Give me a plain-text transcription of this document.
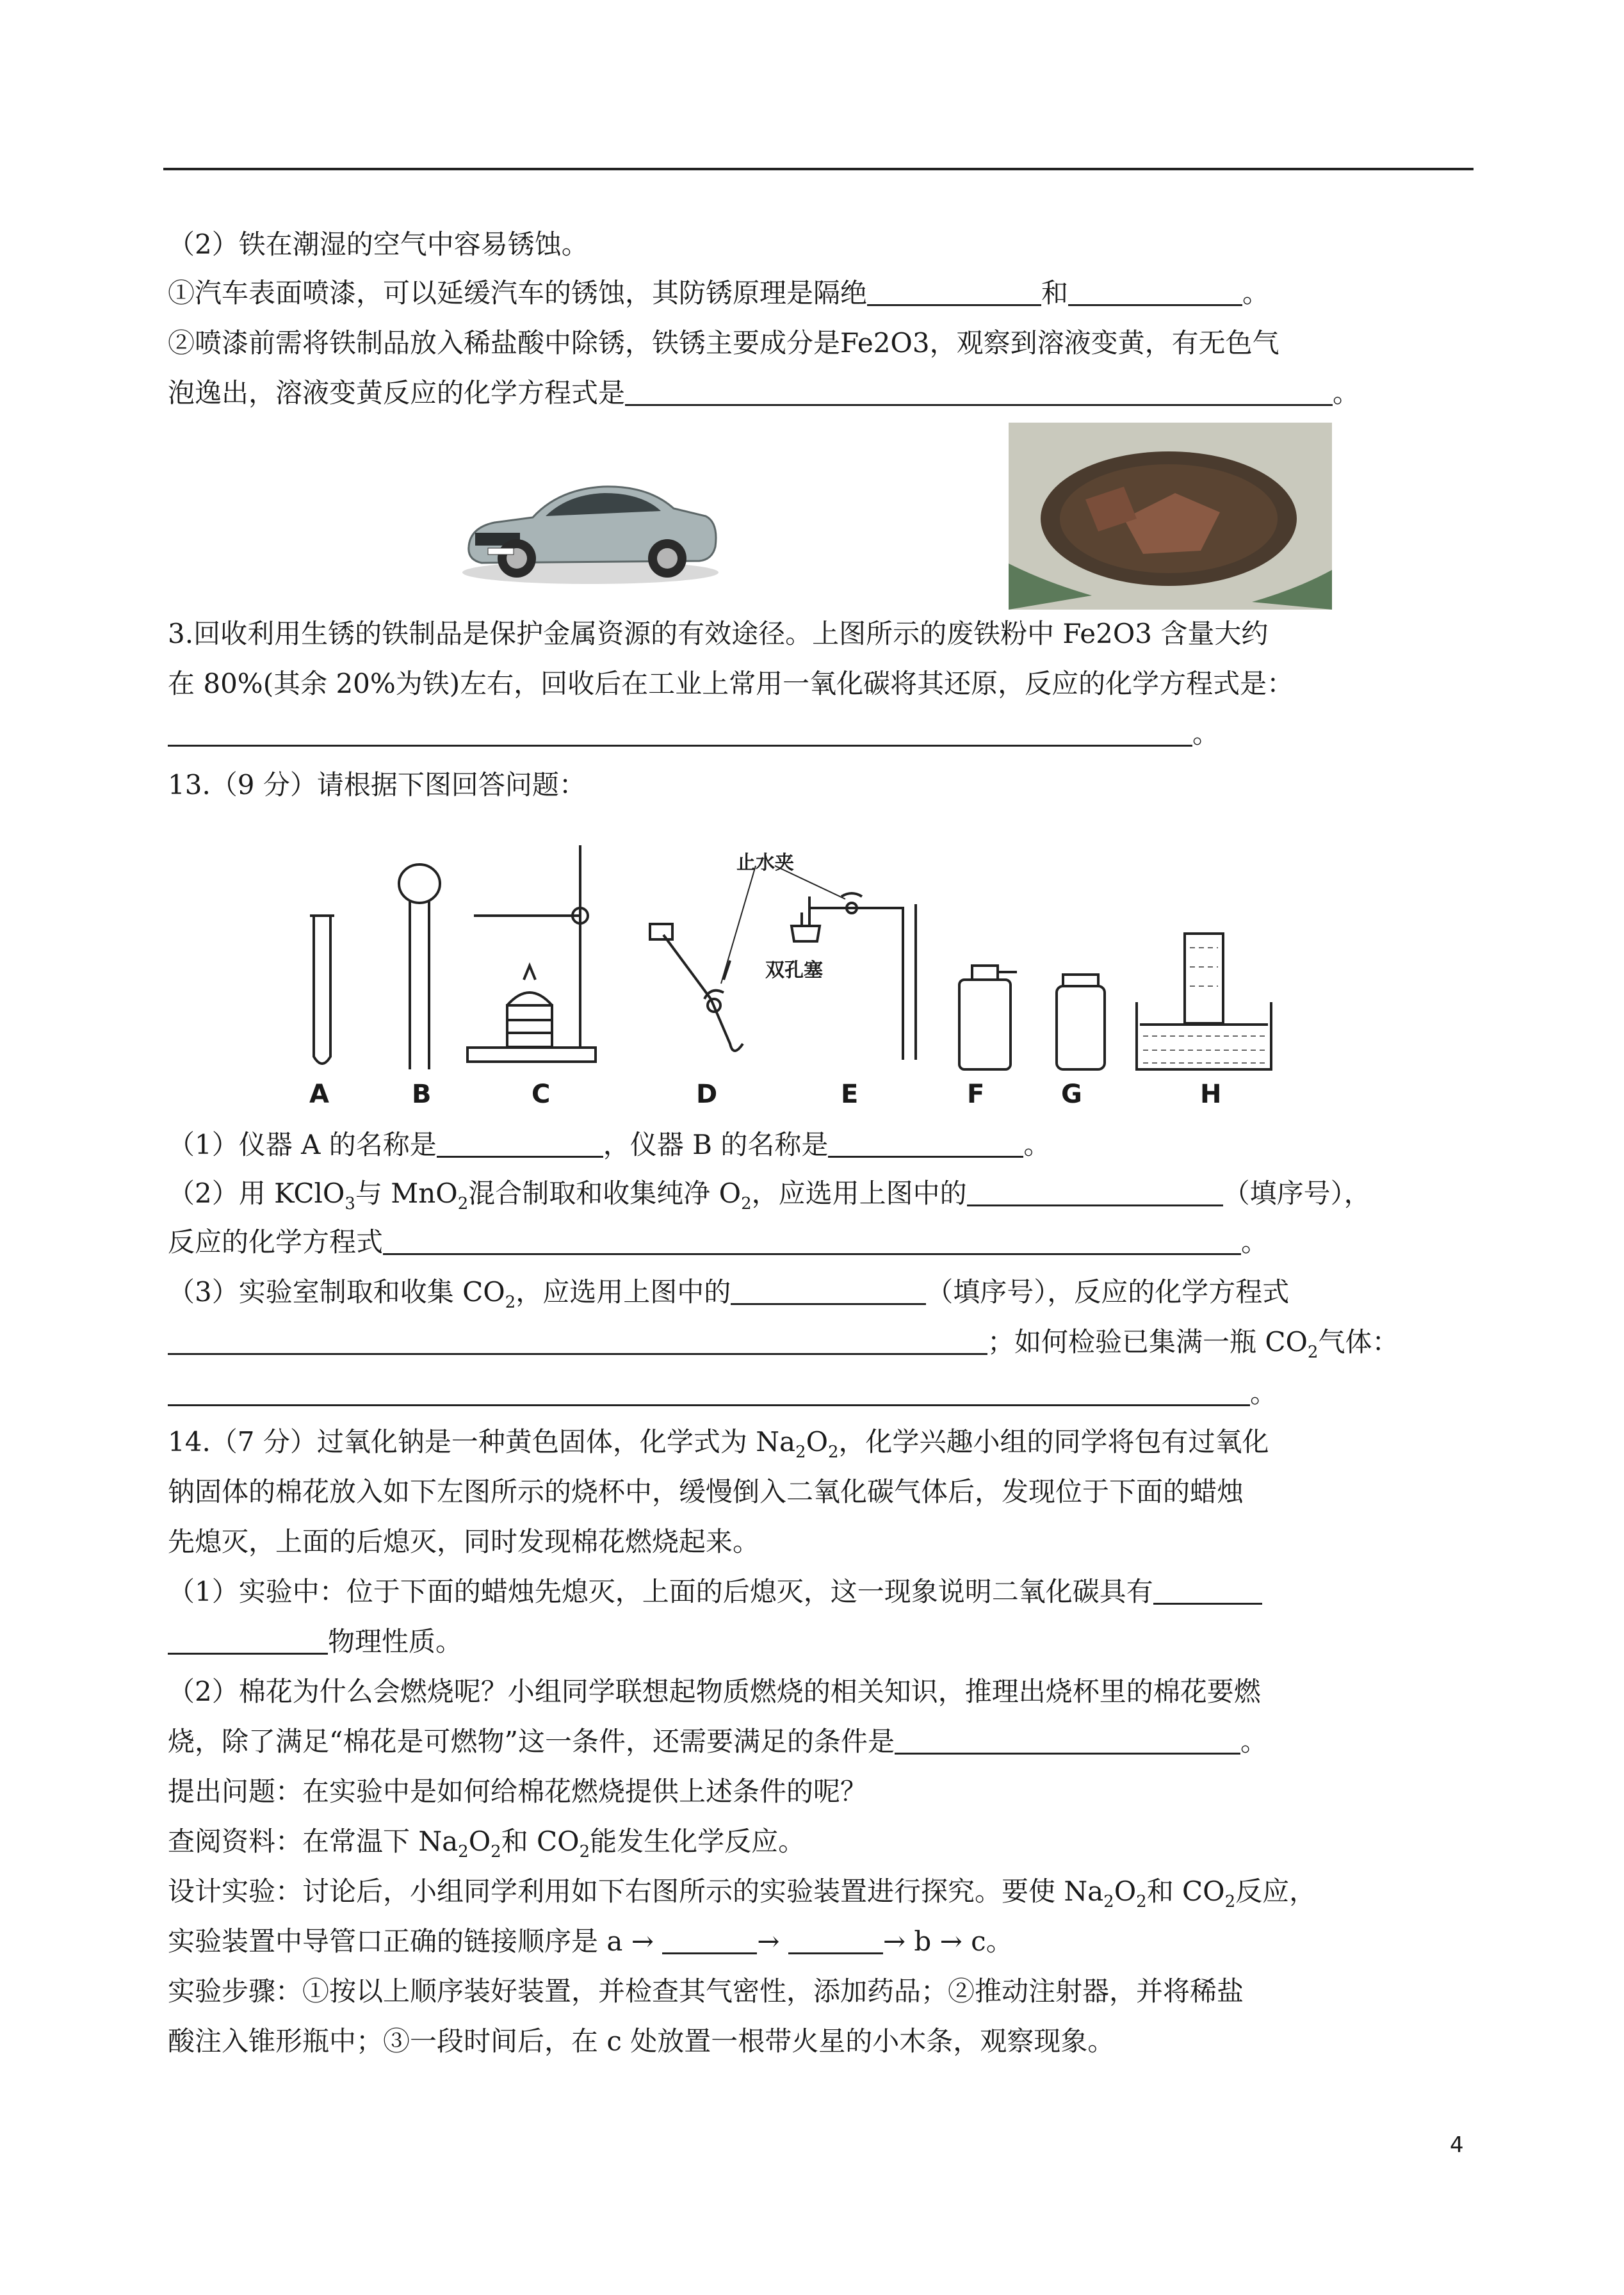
（2）铁在潮湿的空气中容易锈蚀。
①汽车表面喷漆，可以延缓汽车的锈蚀，其防锈原理是隔绝	和	。
②喷漆前需将铁制品放入稀盐酸中除锈，铁锈主要成分是Fe2O3，观察到溶液变黄，有无色气
泡逸出，溶液变黄反应的化学方程式是	。
3.回收利用生锈的铁制品是保护金属资源的有效途径。上图所示的废铁粉中 Fe2O3 含量大约
在 80%(其余 20%为铁)左右，回收后在工业上常用一氧化碳将其还原，反应的化学方程式是：
。
13.（9 分）请根据下图回答问题：
止水夹
双孔塞
A	B	C	D	E	F	G	H
（1）仪器 A 的名称是	，仪器 B 的名称是	。
（2）用 KClO$_3$与 MnO$_2$混合制取和收集纯净 $O_2$，应选用上图中的	（填序号），
反应的化学方程式	。
（3）实验室制取和收集 $CO_2$，应选用上图中的	（填序号），反应的化学方程式
；如何检验已集满一瓶 $CO_2$气体：
。
14.（7 分）过氧化钠是一种黄色固体，化学式为 $Na_2O_2$，化学兴趣小组的同学将包有过氧化
钠固体的棉花放入如下左图所示的烧杯中，缓慢倒入二氧化碳气体后，发现位于下面的蜡烛
先熄灭，上面的后熄灭，同时发现棉花燃烧起来。
（1）实验中：位于下面的蜡烛先熄灭，上面的后熄灭，这一现象说明二氧化碳具有
物理性质。
（2）棉花为什么会燃烧呢？小组同学联想起物质燃烧的相关知识，推理出烧杯里的棉花要燃
烧，除了满足“棉花是可燃物”这一条件，还需要满足的条件是	。
提出问题：在实验中是如何给棉花燃烧提供上述条件的呢？
查阅资料：在常温下 $Na_2O_2$和 $CO_2$能发生化学反应。
设计实验：讨论后，小组同学利用如下右图所示的实验装置进行探究。要使 $Na_2O_2$和 $CO_2$反应，
实验装置中导管口正确的链接顺序是 a →	→	→ b → c。
实验步骤：①按以上顺序装好装置，并检查其气密性，添加药品；②推动注射器，并将稀盐
酸注入锥形瓶中；③一段时间后，在 c 处放置一根带火星的小木条，观察现象。
4
